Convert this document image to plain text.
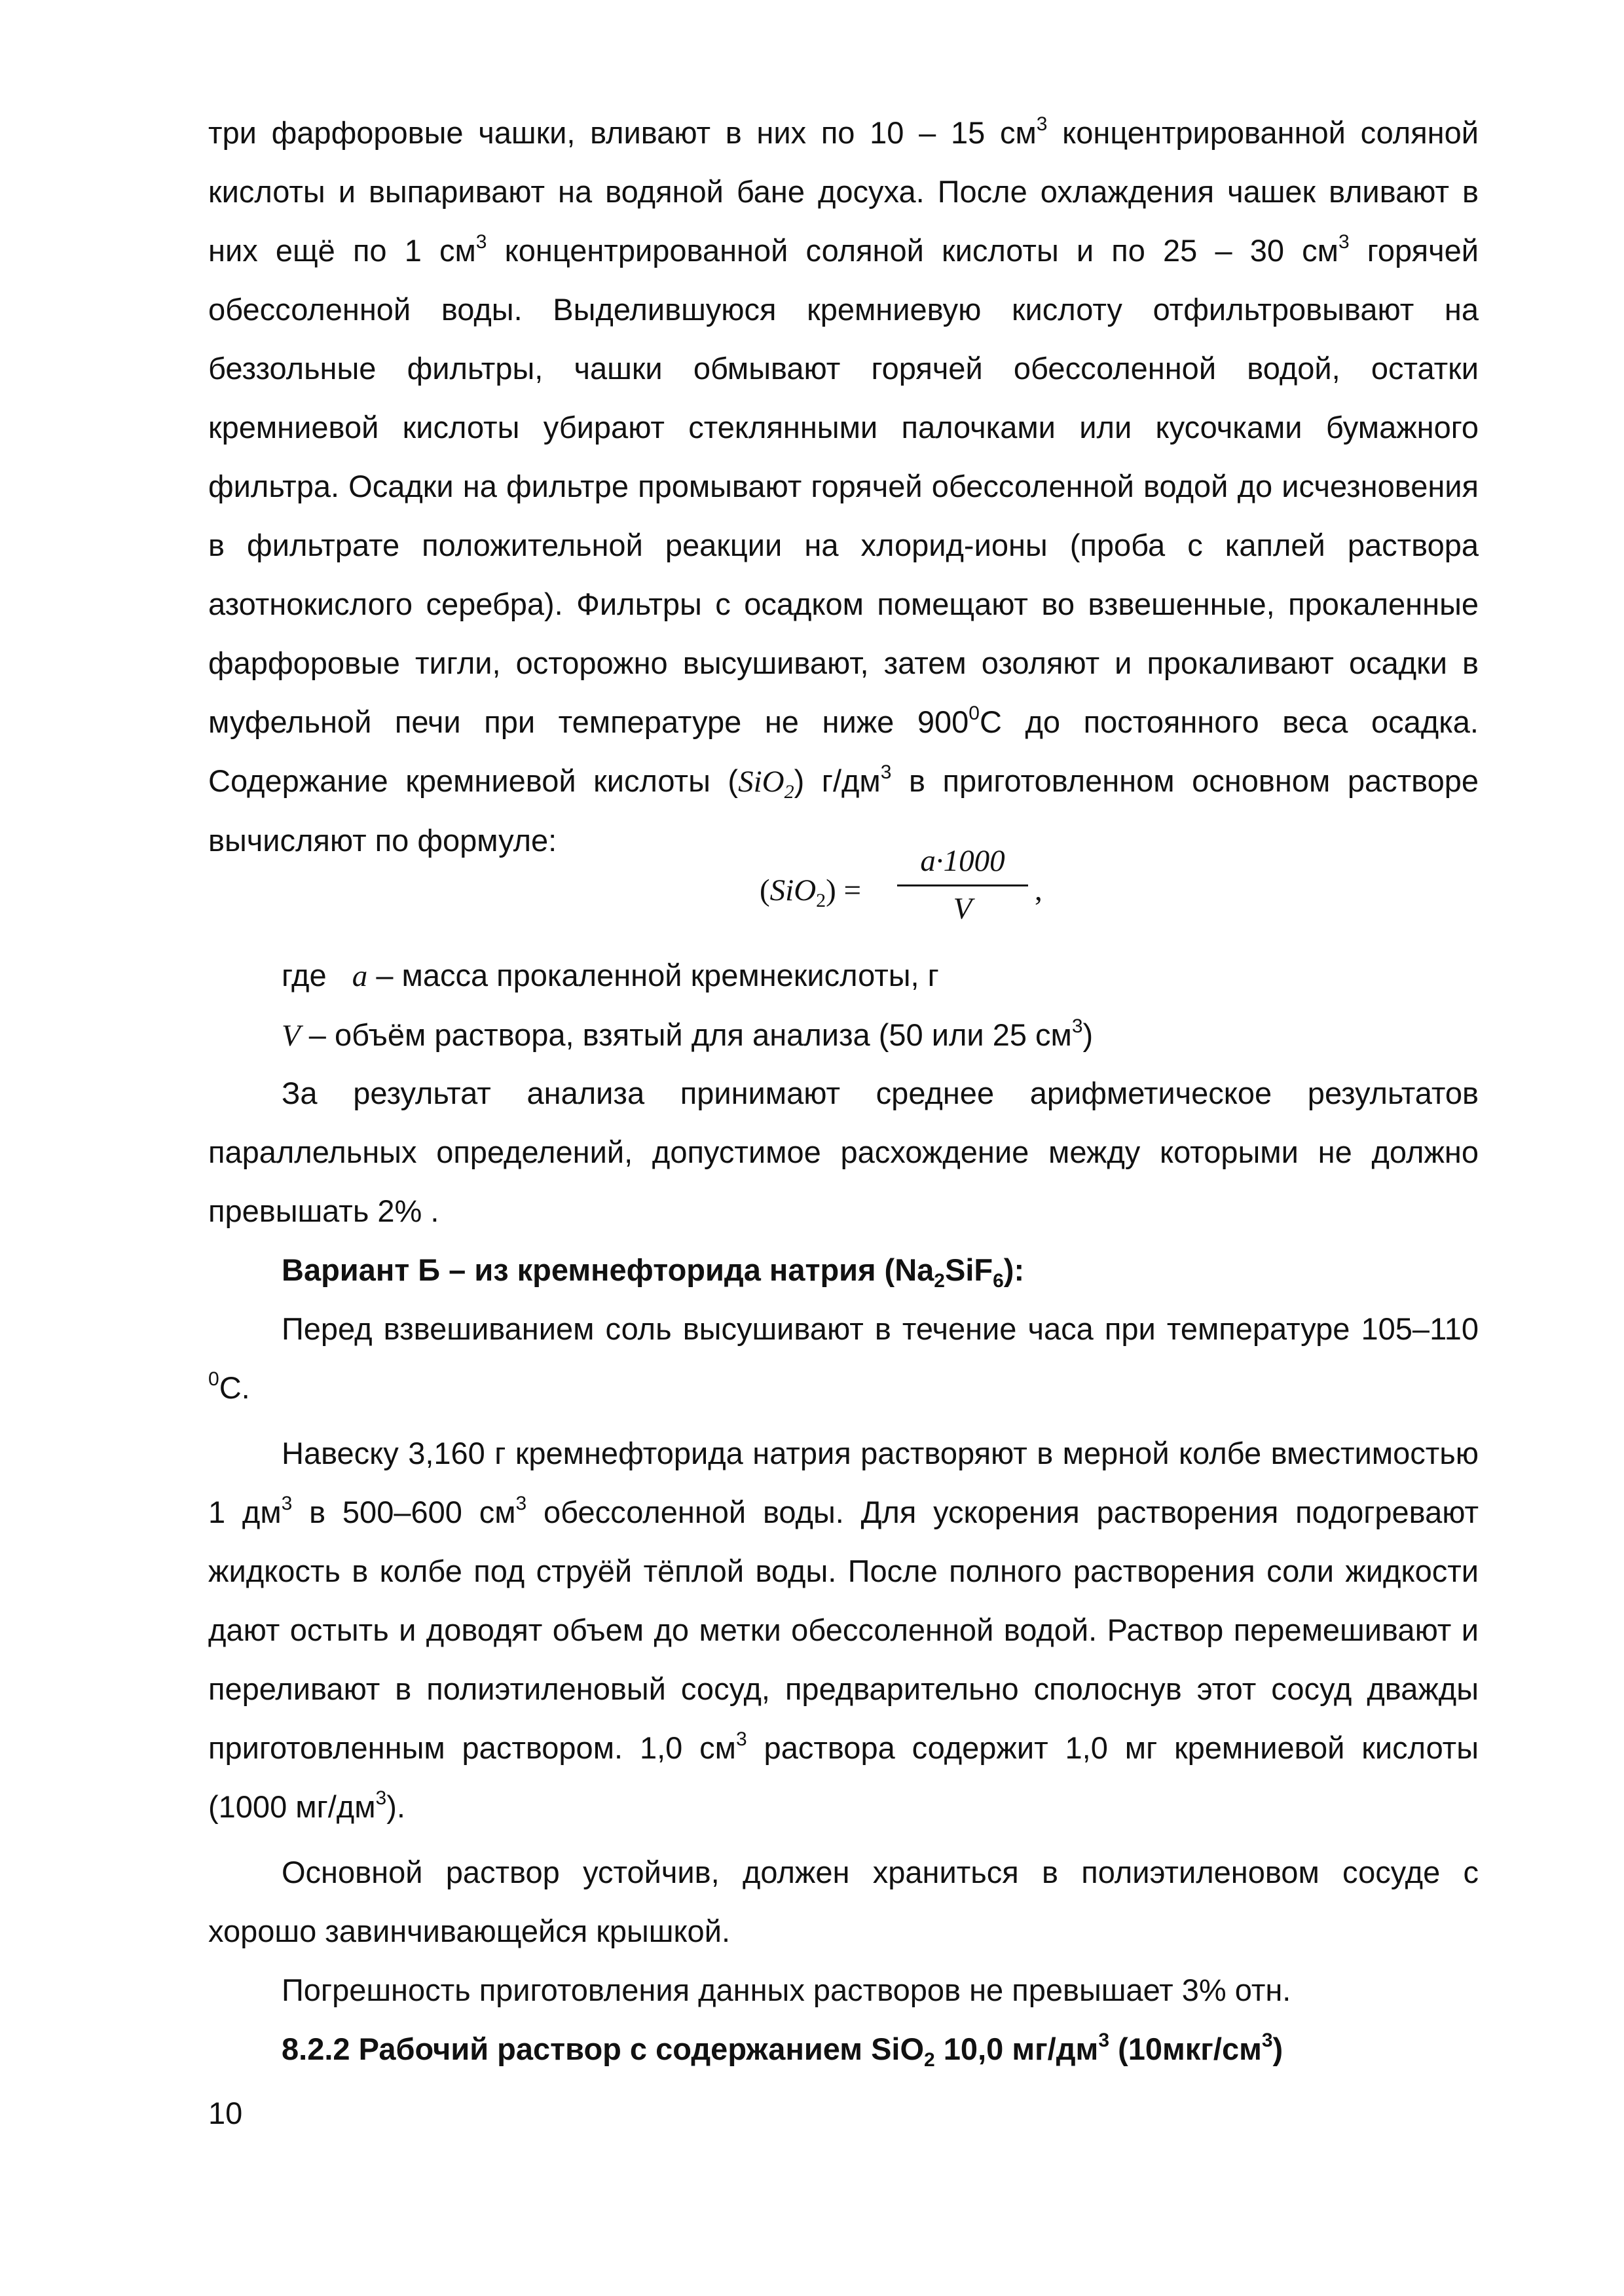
три фарфоровые чашки, вливают в них по 10 – 15 $см^3$ концентрированной соляной кислоты и выпаривают на водяной бане досуха. После охлаждения чашек вливают в них ещё по 1 $см^3$ концентрированной соляной кислоты и по 25 – 30 $см^3$ горячей обессоленной воды. Выделившуюся кремниевую кислоту отфильтровывают на беззольные фильтры, чашки обмывают горячей обессоленной водой, остатки кремниевой кислоты убирают стеклянными палочками или кусочками бумажного фильтра. Осадки на фильтре промывают горячей обессоленной водой до исчезновения в фильтрате положительной реакции на хлорид-ионы (проба с каплей раствора азотнокислого серебра). Фильтры с осадком помещают во взвешенные, прокаленные фарфоровые тигли, осторожно высушивают, затем озоляют и прокаливают осадки в муфельной печи при температуре не ниже $900^0С$ до постоянного веса осадка. Содержание кремниевой кислоты (SiO$_2$) $г/дм^3$ в приготовленном основном растворе вычисляют по формуле:

(SiO$_2$) =
a·1000
V
,

где   a – масса прокаленной кремнекислоты, г

V – объём раствора, взятый для анализа (50 или 25 $см^3$)

За результат анализа принимают среднее арифметическое результатов параллельных определений, допустимое расхождение между которыми не должно превышать 2% .

Вариант Б – из кремнефторида натрия $(Na_2SiF_6)$:

Перед взвешиванием соль высушивают в течение часа при температуре 105–110 $^0$С.

Навеску 3,160 г кремнефторида натрия растворяют в мерной колбе вместимостью 1 $дм^3$ в 500–600 $см^3$ обессоленной воды. Для ускорения растворения подогревают жидкость в колбе под струёй тёплой воды. После полного растворения соли жидкости дают остыть и доводят объем до метки обессоленной водой. Раствор перемешивают и переливают в полиэтиленовый сосуд, предварительно сполоснув этот сосуд дважды приготовленным раствором. 1,0 $см^3$ раствора содержит 1,0 мг кремниевой кислоты (1000 $мг/дм^3$).

Основной раствор устойчив, должен храниться в полиэтиленовом сосуде с хорошо завинчивающейся крышкой.

Погрешность приготовления данных растворов не превышает 3% отн.

8.2.2 Рабочий раствор с содержанием SiO$_2$ 10,0 $мг/дм^3$ $(10мкг/см^3)$

10
